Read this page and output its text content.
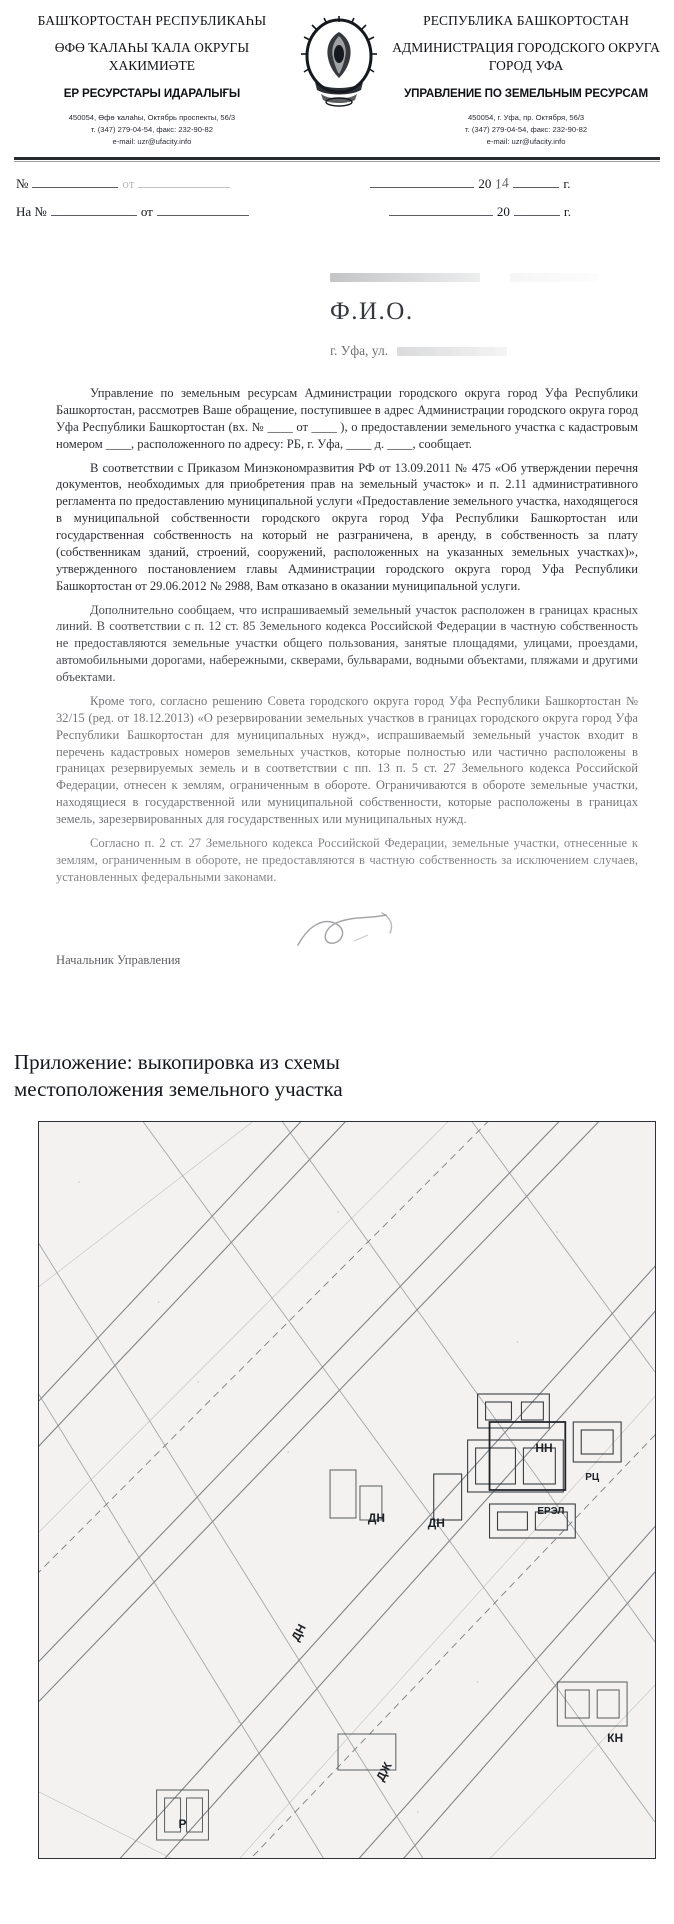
БАШҠОРТОСТАН РЕСПУБЛИКАҺЫ
ӨФӨ ҠАЛАҺЫ ҠАЛА ОКРУГЫ ХАКИМИӘТЕ
ЕР РЕСУРСТАРЫ ИДАРАЛЫҒЫ
450054, Өфө ҡалаһы, Октябрь проспекты, 56/3
т. (347) 279-04-54, факс: 232-90-82
e-mail: uzr@ufacity.info
РЕСПУБЛИКА БАШКОРТОСТАН
АДМИНИСТРАЦИЯ ГОРОДСКОГО ОКРУГА ГОРОД УФА
УПРАВЛЕНИЕ ПО ЗЕМЕЛЬНЫМ РЕСУРСАМ
450054, г. Уфа, пр. Октября, 56/3
т. (347) 279-04-54, факс: 232-90-82
e-mail: uzr@ufacity.info
№	от	20 14	г.
На №	от	20	г.

Ф.И.О.
г. Уфа, ул.

Управление по земельным ресурсам Администрации городского округа город Уфа Республики Башкортостан, рассмотрев Ваше обращение, поступившее в адрес Администрации городского округа город Уфа Республики Башкортостан (вх. № ____ от ____ ), о предоставлении земельного участка с кадастровым номером ____, расположенного по адресу: РБ, г. Уфа, ____ д. ____, сообщает.

В соответствии с Приказом Минэкономразвития РФ от 13.09.2011 № 475 «Об утверждении перечня документов, необходимых для приобретения прав на земельный участок» и п. 2.11 административного регламента по предоставлению муниципальной услуги «Предоставление земельного участка, находящегося в муниципальной собственности городского округа город Уфа Республики Башкортостан или государственная собственность на который не разграничена, в аренду, в собственность за плату (собственникам зданий, строений, сооружений, расположенных на указанных земельных участках)», утвержденного постановлением главы Администрации городского округа город Уфа Республики Башкортостан от 29.06.2012 № 2988, Вам отказано в оказании муниципальной услуги.

Дополнительно сообщаем, что испрашиваемый земельный участок расположен в границах красных линий. В соответствии с п. 12 ст. 85 Земельного кодекса Российской Федерации в частную собственность не предоставляются земельные участки общего пользования, занятые площадями, улицами, проездами, автомобильными дорогами, набережными, скверами, бульварами, водными объектами, пляжами и другими объектами.

Кроме того, согласно решению Совета городского округа город Уфа Республики Башкортостан № 32/15 (ред. от 18.12.2013) «О резервировании земельных участков в границах городского округа город Уфа Республики Башкортостан для муниципальных нужд», испрашиваемый земельный участок входит в перечень кадастровых номеров земельных участков, которые полностью или частично расположены в границах резервируемых земель и в соответствии с пп. 13 п. 5 ст. 27 Земельного кодекса Российской Федерации, отнесен к землям, ограниченным в обороте. Ограничиваются в обороте земельные участки, находящиеся в государственной или муниципальной собственности, которые расположены в границах земель, зарезервированных для государственных или муниципальных нужд.

Согласно п. 2 ст. 27 Земельного кодекса Российской Федерации, земельные участки, отнесенные к землям, ограниченным в обороте, не предоставляются в частную собственность за исключением случаев, установленных федеральными законами.

Начальник Управления
Приложение: выкопировка из схемы
местоположения земельного участка
ДН
ДН	ДН
ДЖ
КН
НН
ЕРЭЛ
РЦ
Р
